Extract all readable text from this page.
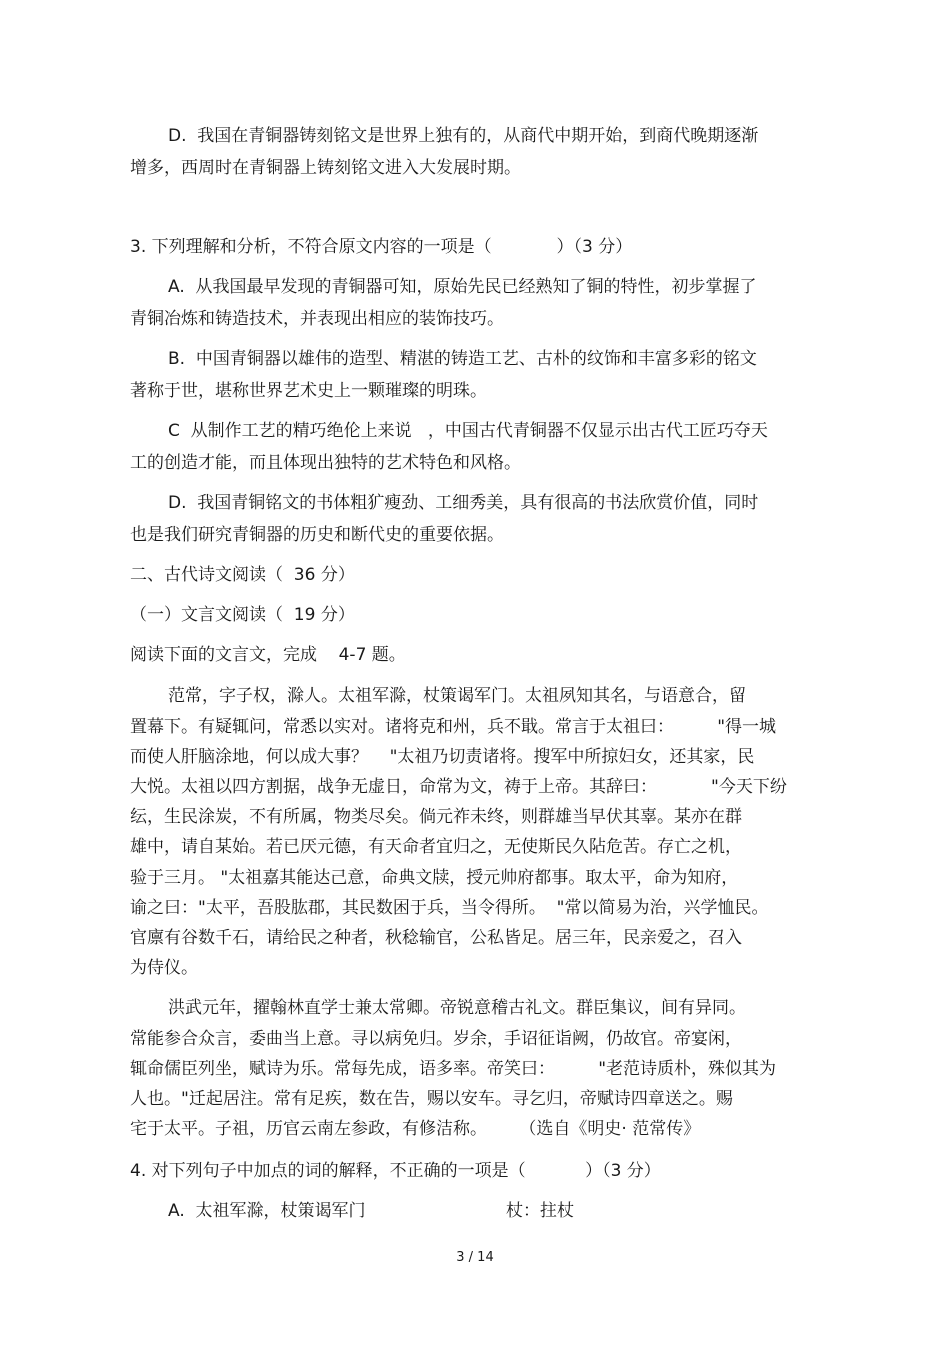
D.  我国在青铜器铸刻铭文是世界上独有的，从商代中期开始，到商代晚期逐渐
增多，西周时在青铜器上铸刻铭文进入大发展时期。
3. 下列理解和分析，不符合原文内容的一项是（            ）（3 分）
A.  从我国最早发现的青铜器可知，原始先民已经熟知了铜的特性，初步掌握了
青铜冶炼和铸造技术，并表现出相应的装饰技巧。
B.  中国青铜器以雄伟的造型、精湛的铸造工艺、古朴的纹饰和丰富多彩的铭文
著称于世，堪称世界艺术史上一颗璀璨的明珠。
C  从制作工艺的精巧绝伦上来说   ，中国古代青铜器不仅显示出古代工匠巧夺天
工的创造才能，而且体现出独特的艺术特色和风格。
D.  我国青铜铭文的书体粗犷瘦劲、工细秀美，具有很高的书法欣赏价值，同时
也是我们研究青铜器的历史和断代史的重要依据。
二、古代诗文阅读（  36 分）
（一）文言文阅读（  19 分）
阅读下面的文言文，完成    4-7 题。
范常，字子权，滁人。太祖军滁，杖策谒军门。太祖夙知其名，与语意合，留
置幕下。有疑辄问，常悉以实对。诸将克和州，兵不戢。常言于太祖曰：        "得一城
而使人肝脑涂地，何以成大事？    "太祖乃切责诸将。搜军中所掠妇女，还其家，民
大悦。太祖以四方割据，战争无虚日，命常为文，祷于上帝。其辞曰：          "今天下纷
纭，生民涂炭，不有所属，物类尽矣。倘元祚未终，则群雄当早伏其辜。某亦在群
雄中，请自某始。若已厌元德，有天命者宜归之，无使斯民久阽危苦。存亡之机，
验于三月。 "太祖嘉其能达己意，命典文牍，授元帅府都事。取太平，命为知府，
谕之曰："太平，吾股肱郡，其民数困于兵，当令得所。  "常以简易为治，兴学恤民。
官廪有谷数千石，请给民之种者，秋稔输官，公私皆足。居三年，民亲爱之，召入
为侍仪。
洪武元年，擢翰林直学士兼太常卿。帝锐意稽古礼文。群臣集议，间有异同。
常能参合众言，委曲当上意。寻以病免归。岁余，手诏征诣阙，仍故官。帝宴闲，
辄命儒臣列坐，赋诗为乐。常每先成，语多率。帝笑曰：        "老范诗质朴，殊似其为
人也。"迁起居注。常有足疾，数在告，赐以安车。寻乞归，帝赋诗四章送之。赐
宅于太平。子祖，历官云南左参政，有修洁称。      （选自《明史· 范常传》
4. 对下列句子中加点的词的解释，不正确的一项是（           ）（3 分）
A.  太祖军滁，杖策谒军门                          杖：拄杖
3 / 14
